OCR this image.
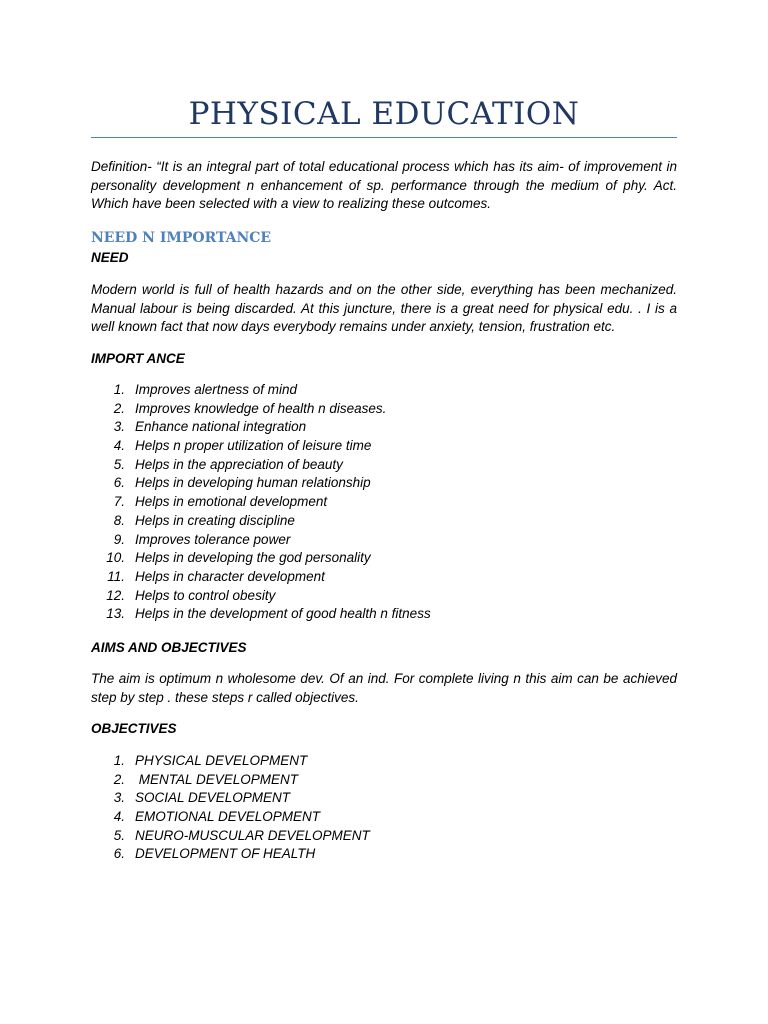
PHYSICAL EDUCATION

Definition- “It is an integral part of total educational process which has its aim- of improvement in personality development n enhancement of sp. performance through the medium of phy. Act. Which have been selected with a view to realizing these outcomes.

NEED N IMPORTANCE
NEED

Modern world is full of health hazards and on the other side, everything has been mechanized. Manual labour is being discarded. At this juncture, there is a great need for physical edu. . I is a well known fact that now days everybody remains under anxiety, tension, frustration etc.

IMPORT ANCE
1. Improves alertness of mind
2. Improves knowledge of health n diseases.
3. Enhance national integration
4. Helps n proper utilization of leisure time
5. Helps in the appreciation of beauty
6. Helps in developing human relationship
7. Helps in emotional development
8. Helps in creating discipline
9. Improves tolerance power
10. Helps in developing the god personality
11. Helps in character development
12. Helps to control obesity
13. Helps in the development of good health n fitness
AIMS AND OBJECTIVES

The aim is optimum n wholesome dev. Of an ind. For complete living n this aim can be achieved step by step . these steps r called objectives.

OBJECTIVES
1. PHYSICAL DEVELOPMENT
2. MENTAL DEVELOPMENT
3. SOCIAL DEVELOPMENT
4. EMOTIONAL DEVELOPMENT
5. NEURO-MUSCULAR DEVELOPMENT
6. DEVELOPMENT OF HEALTH
